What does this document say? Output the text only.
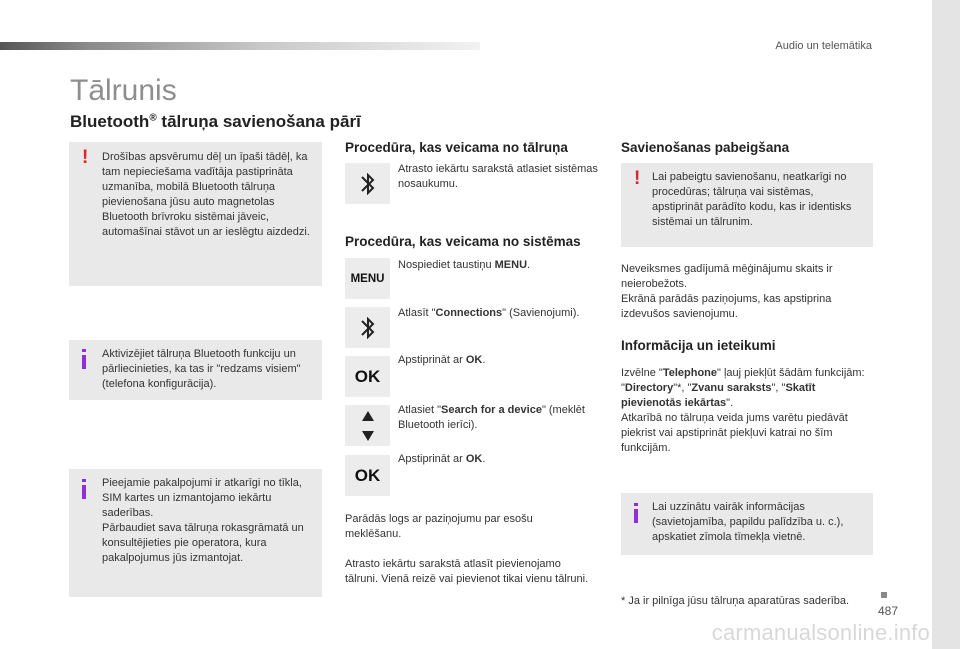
Audio un telemātika
Tālrunis
Bluetooth® tālruņa savienošana pārī
! Drošības apsvērumu dēļ un īpaši tādēļ, ka tam nepieciešama vadītāja pastiprināta uzmanība, mobilā Bluetooth tālruņa pievienošana jūsu auto magnetolas Bluetooth brīvroku sistēmai jāveic, automašīnai stāvot un ar ieslēgtu aizdedzi.
Aktivizējiet tālruņa Bluetooth funkciju un pārliecinieties, ka tas ir "redzams visiem" (telefona konfigurācija).
Pieejamie pakalpojumi ir atkarīgi no tīkla, SIM kartes un izmantojamo iekārtu saderības.
Pārbaudiet sava tālruņa rokasgrāmatā un konsultējieties pie operatora, kura pakalpojumus jūs izmantojat.
Procedūra, kas veicama no tālruņa
Atrasto iekārtu sarakstā atlasiet sistēmas nosaukumu.
Procedūra, kas veicama no sistēmas
MENU
Nospiediet taustiņu MENU.
Atlasīt "Connections" (Savienojumi).
OK
Apstiprināt ar OK.
Atlasiet "Search for a device" (meklēt Bluetooth ierīci).
OK
Apstiprināt ar OK.
Parādās logs ar paziņojumu par esošu meklēšanu.
Atrasto iekārtu sarakstā atlasīt pievienojamo tālruni. Vienā reizē vai pievienot tikai vienu tālruni.
Savienošanas pabeigšana
! Lai pabeigtu savienošanu, neatkarīgi no procedūras; tālruņa vai sistēmas, apstiprināt parādīto kodu, kas ir identisks sistēmai un tālrunim.
Neveiksmes gadījumā mēģinājumu skaits ir neierobežots.
Ekrānā parādās paziņojums, kas apstiprina izdevušos savienojumu.
Informācija un ieteikumi
Izvēlne "Telephone" ļauj piekļūt šādām funkcijām: "Directory"*, "Zvanu saraksts", "Skatīt pievienotās iekārtas".
Atkarībā no tālruņa veida jums varētu piedāvāt piekrist vai apstiprināt piekļuvi katrai no šīm funkcijām.
Lai uzzinātu vairāk informācijas (savietojamība, papildu palīdzība u. c.), apskatiet zīmola tīmekļa vietnē.
* Ja ir pilnīga jūsu tālruņa aparatūras saderība.
487
carmanualsonline.info
